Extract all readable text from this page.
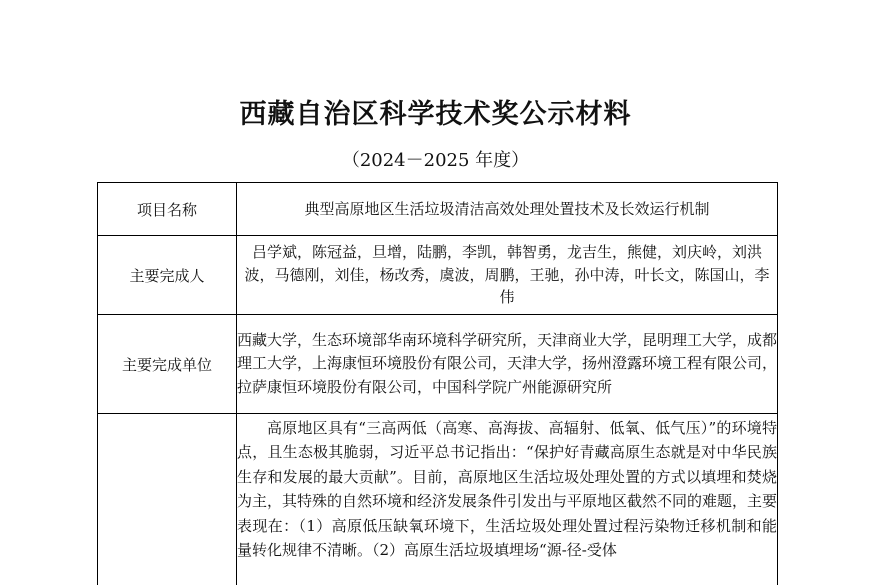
西藏自治区科学技术奖公示材料

（2024－2025 年度）

项目名称	典型高原地区生活垃圾清洁高效处理处置技术及长效运行机制
主要完成人	吕学斌，陈冠益，旦增，陆鹏，李凯，韩智勇，龙吉生，熊健，刘庆岭，刘洪波，马德刚，刘佳，杨改秀，虞波，周鹏，王驰，孙中涛，叶长文，陈国山，李伟
主要完成单位	西藏大学，生态环境部华南环境科学研究所，天津商业大学，昆明理工大学，成都理工大学，上海康恒环境股份有限公司，天津大学，扬州澄露环境工程有限公司，拉萨康恒环境股份有限公司，中国科学院广州能源研究所
	高原地区具有“三高两低（高寒、高海拔、高辐射、低氧、低气压）”的环境特点，且生态极其脆弱，习近平总书记指出：“保护好青藏高原生态就是对中华民族生存和发展的最大贡献”。目前，高原地区生活垃圾处理处置的方式以填埋和焚烧为主，其特殊的自然环境和经济发展条件引发出与平原地区截然不同的难题，主要表现在：（1）高原低压缺氧环境下，生活垃圾处理处置过程污染物迁移机制和能量转化规律不清晰。（2）高原生活垃圾填埋场“源-径-受体
